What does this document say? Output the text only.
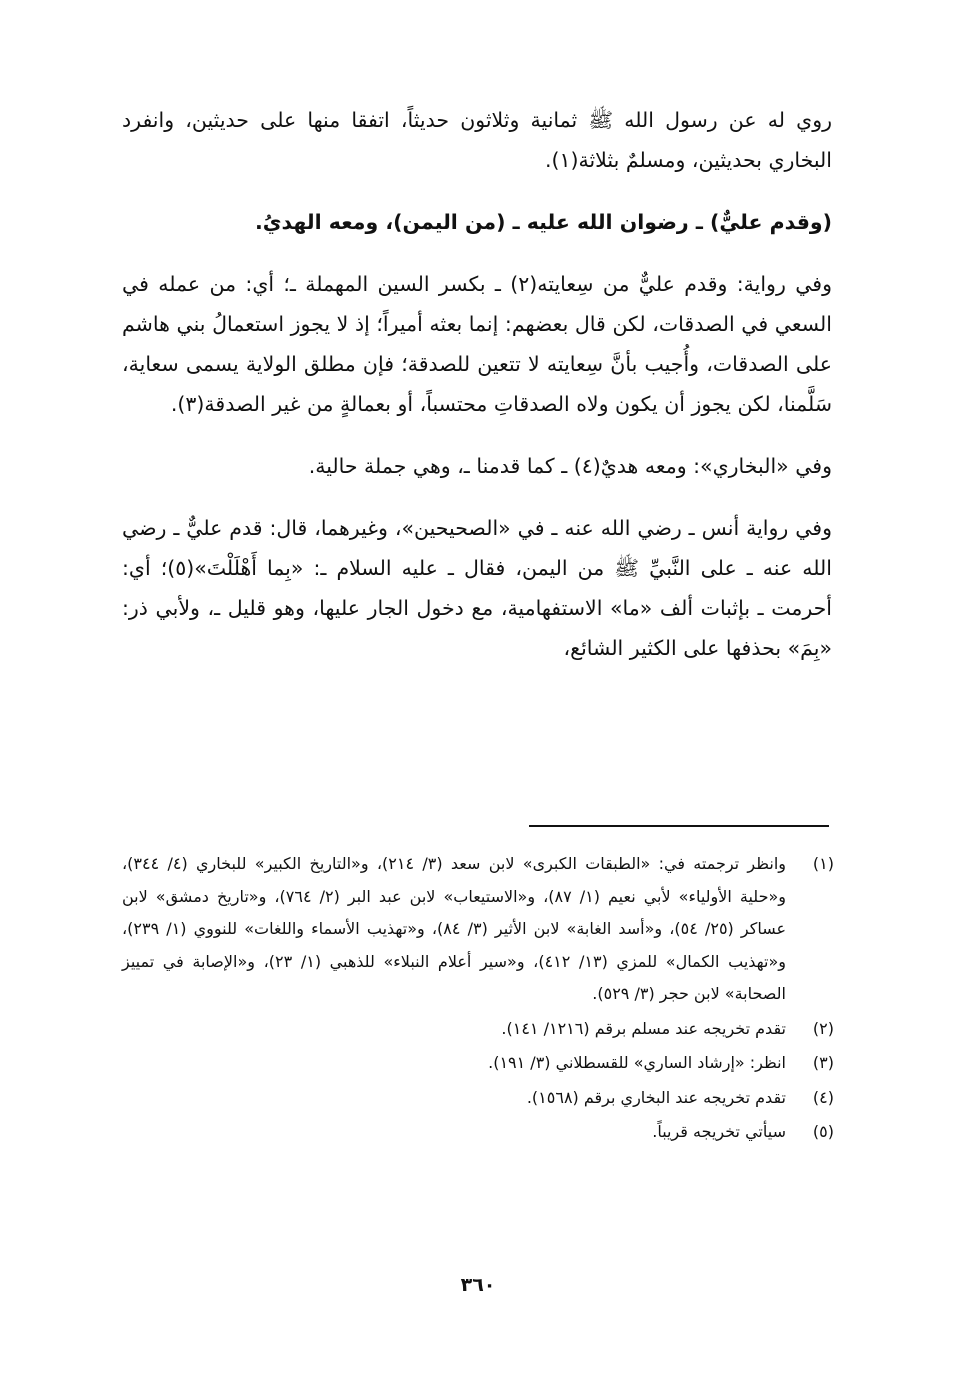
روي له عن رسول الله ﷺ ثمانية وثلاثون حديثاً، اتفقا منها على حديثين، وانفرد البخاري بحديثين، ومسلمٌ بثلاثة(١).

(وقدم عليٌّ) ـ رضوان الله عليه ـ (من اليمن)، ومعه الهديُ.

وفي رواية: وقدم عليٌّ من سِعايته(٢) ـ بكسر السين المهملة ـ؛ أي: من عمله في السعي في الصدقات، لكن قال بعضهم: إنما بعثه أميراً؛ إذ لا يجوز استعمالُ بني هاشم على الصدقات، وأُجيب بأنَّ سِعايته لا تتعين للصدقة؛ فإن مطلق الولاية يسمى سعاية، سَلَّمنا، لكن يجوز أن يكون ولاه الصدقاتِ محتسباً، أو بعمالةٍ من غير الصدقة(٣).

وفي «البخاري»: ومعه هديٌ(٤) ـ كما قدمنا ـ، وهي جملة حالية.

وفي رواية أنس ـ رضي الله عنه ـ في «الصحيحين»، وغيرهما، قال: قدم عليٌّ ـ رضي الله عنه ـ على النَّبيِّ ﷺ من اليمن، فقال ـ عليه السلام ـ: «بِما أَهْلَلْتَ»(٥)؛ أي: أحرمت ـ بإثبات ألف «ما» الاستفهامية، مع دخول الجار عليها، وهو قليل ـ، ولأبي ذر: «بِمَ» بحذفها على الكثير الشائع،

(١)
وانظر ترجمته في: «الطبقات الكبرى» لابن سعد (٣/ ٢١٤)، و«التاريخ الكبير» للبخاري (٤/ ٣٤٤)، و«حلية الأولياء» لأبي نعيم (١/ ٨٧)، و«الاستيعاب» لابن عبد البر (٢/ ٧٦٤)، و«تاريخ دمشق» لابن عساكر (٢٥/ ٥٤)، و«أسد الغابة» لابن الأثير (٣/ ٨٤)، و«تهذيب الأسماء واللغات» للنووي (١/ ٢٣٩)، و«تهذيب الكمال» للمزي (١٣/ ٤١٢)، و«سير أعلام النبلاء» للذهبي (١/ ٢٣)، و«الإصابة في تمييز الصحابة» لابن حجر (٣/ ٥٢٩).
(٢)
تقدم تخريجه عند مسلم برقم (١٢١٦/ ١٤١).
(٣)
انظر: «إرشاد الساري» للقسطلاني (٣/ ١٩١).
(٤)
تقدم تخريجه عند البخاري برقم (١٥٦٨).
(٥)
سيأتي تخريجه قريباً.
٣٦٠
